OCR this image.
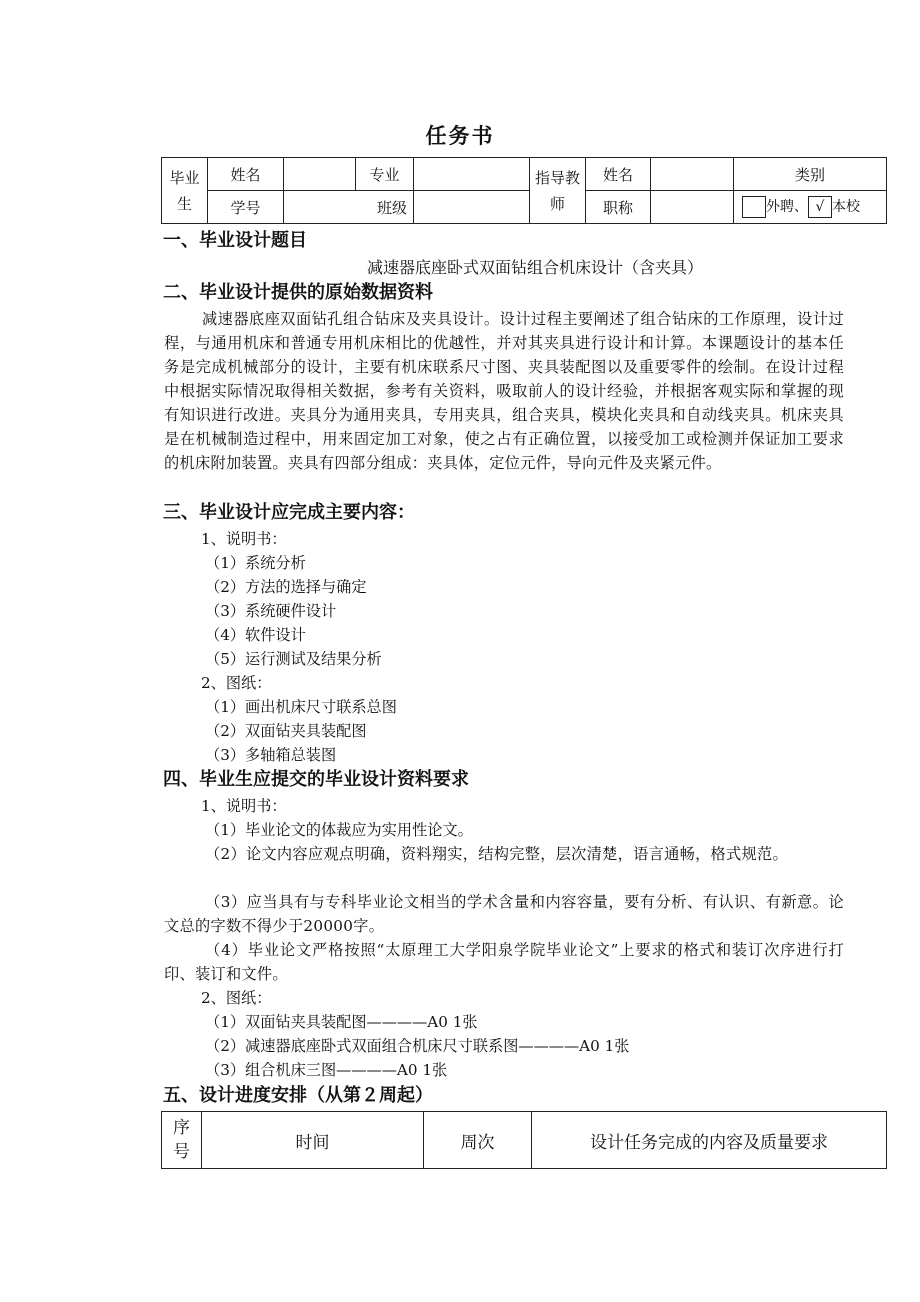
任务书
毕业生	姓名		专业		指导教师	姓名		类别
	学号	班级				职称		外聘、 √ 本校
一、毕业设计题目
减速器底座卧式双面钻组合机床设计（含夹具）
二、毕业设计提供的原始数据资料
减速器底座双面钻孔组合钻床及夹具设计。设计过程主要阐述了组合钻床的工作原理，设计过程，与通用机床和普通专用机床相比的优越性，并对其夹具进行设计和计算。本课题设计的基本任务是完成机械部分的设计，主要有机床联系尺寸图、夹具装配图以及重要零件的绘制。在设计过程中根据实际情况取得相关数据，参考有关资料，吸取前人的设计经验，并根据客观实际和掌握的现有知识进行改进。夹具分为通用夹具，专用夹具，组合夹具，模块化夹具和自动线夹具。机床夹具是在机械制造过程中，用来固定加工对象，使之占有正确位置，以接受加工或检测并保证加工要求的机床附加装置。夹具有四部分组成：夹具体，定位元件，导向元件及夹紧元件。
三、毕业设计应完成主要内容：
1、说明书：
（1）系统分析
（2）方法的选择与确定
（3）系统硬件设计
（4）软件设计
（5）运行测试及结果分析
2、图纸：
（1）画出机床尺寸联系总图
（2）双面钻夹具装配图
（3）多轴箱总装图
四、毕业生应提交的毕业设计资料要求
1、说明书：
（1）毕业论文的体裁应为实用性论文。
（2）论文内容应观点明确，资料翔实，结构完整，层次清楚，语言通畅，格式规范。
（3）应当具有与专科毕业论文相当的学术含量和内容容量，要有分析、有认识、有新意。论文总的字数不得少于20000字。
（4）毕业论文严格按照“太原理工大学阳泉学院毕业论文”上要求的格式和装订次序进行打印、装订和文件。
2、图纸：
（1）双面钻夹具装配图————A0 1张
（2）减速器底座卧式双面组合机床尺寸联系图————A0 1张
（3）组合机床三图————A0 1张
五、设计进度安排（从第２周起）
序号	时间	周次	设计任务完成的内容及质量要求
